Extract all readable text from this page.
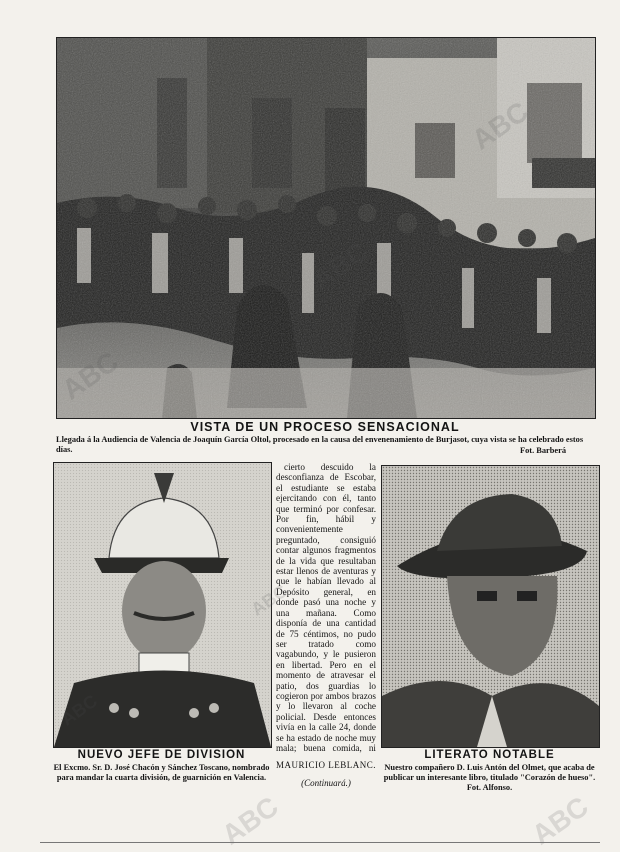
VISTA DE UN PROCESO SENSACIONAL
Llegada á la Audiencia de Valencia de Joaquín García Oltol, procesado en la causa del envenenamiento de Burjasot, cuya vista se ha celebrado estos días.	Fot. Barberá
NUEVO JEFE DE DIVISION
El Excmo. Sr. D. José Chacón y Sánchez Toscano, nombrado para mandar la cuarta división, de guarnición en Valencia.

cierto descuido la desconfianza de Escobar, el estudiante se estaba ejercitando con él, tanto que terminó por confesar. Por fin, hábil y convenientemente preguntado, consiguió contar algunos fragmentos de la vida que resultaban estar llenos de aventuras y que le habían llevado al Depósito general, en donde pasó una noche y una mañana. Como disponía de una cantidad de 75 céntimos, no pudo ser tratado como vagabundo, y le pusieron en libertad. Pero en el momento de atravesar el patio, dos guardias lo cogieron por ambos brazos y lo llevaron al coche policial. Desde entonces vivía en la calle 24, donde se ha estado de noche muy mala; buena comida, ni

MAURICIO LEBLANC.
(Continuará.)
LITERATO NOTABLE
Nuestro compañero D. Luis Antón del Olmet, que acaba de publicar un interesante libro, titulado "Corazón de hueso". Fot. Alfonso.
ABC	ABC
